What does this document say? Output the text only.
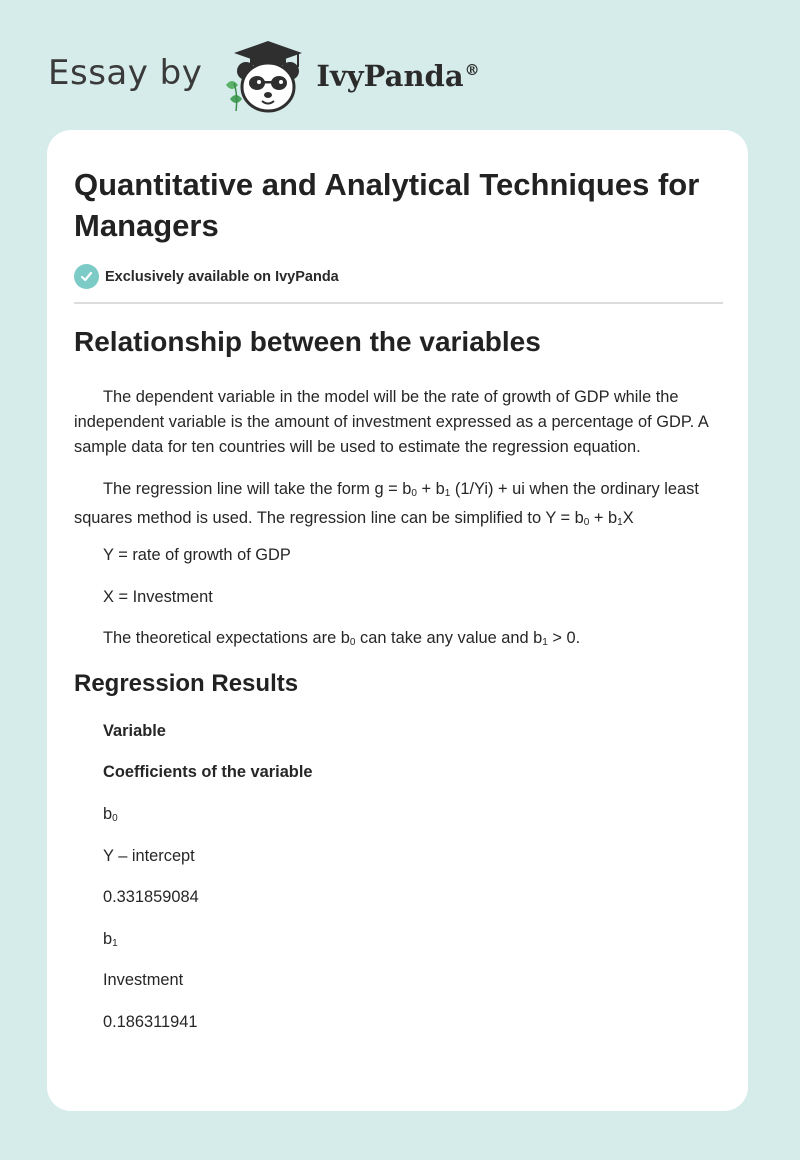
Essay by	IvyPanda®
Quantitative and Analytical Techniques for Managers
Exclusively available on IvyPanda
Relationship between the variables

The dependent variable in the model will be the rate of growth of GDP while the independent variable is the amount of investment expressed as a percentage of GDP. A sample data for ten countries will be used to estimate the regression equation.

The regression line will take the form $g = b_0 + b_1$ (1/Yi) + ui when the ordinary least squares method is used. The regression line can be simplified to $Y = b_0 + b_1X$

Y = rate of growth of GDP

X = Investment

The theoretical expectations are $b_0$ can take any value and $b_1 > 0$.

Regression Results
Variable
Coefficients of the variable
$b_0$
Y – intercept
0.331859084
$b_1$
Investment
0.186311941
